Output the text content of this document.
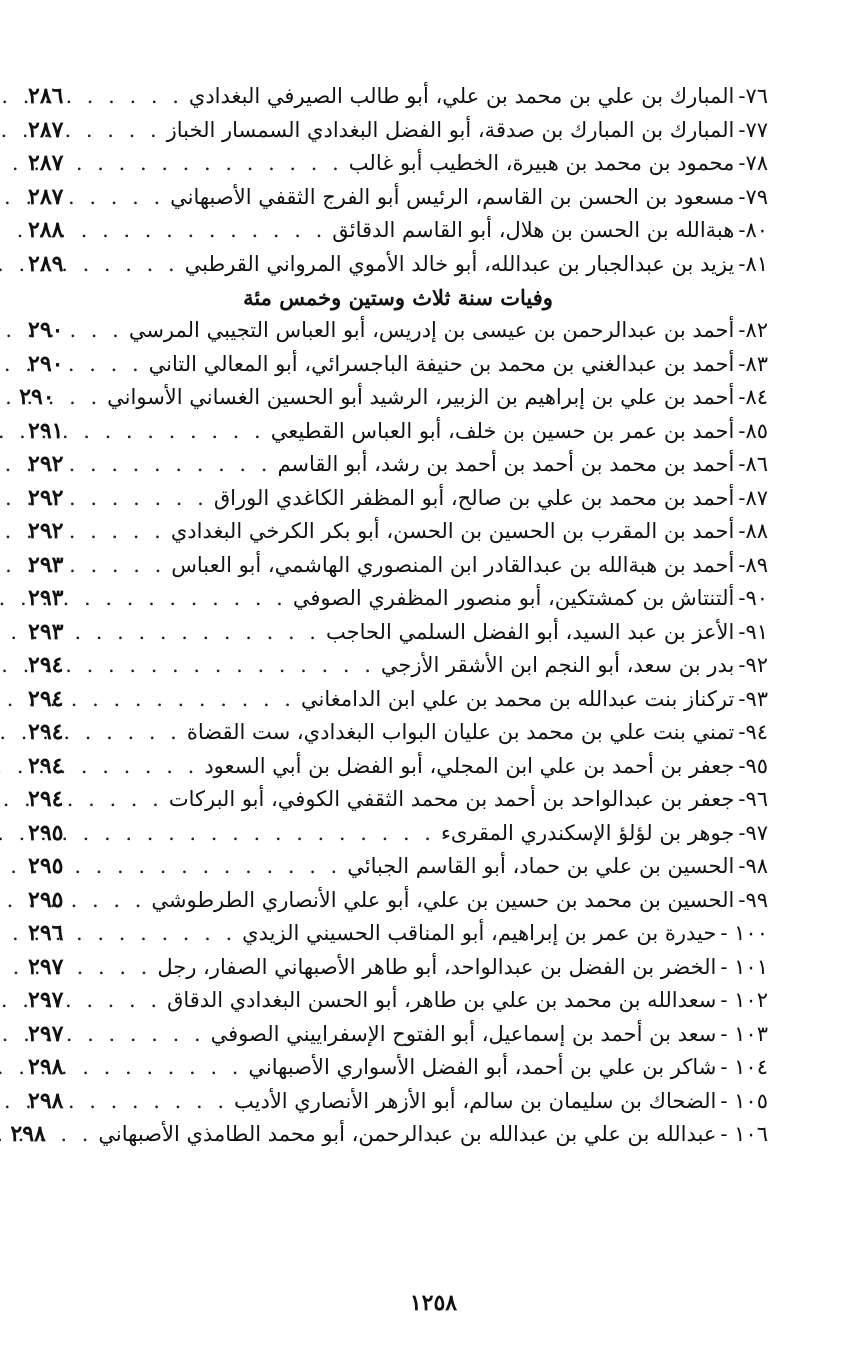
٧٦-
المبارك بن علي بن محمد بن علي، أبو طالب الصيرفي البغدادي
. . .
٢٨٦
٧٧-
المبارك بن المبارك بن صدقة، أبو الفضل البغدادي السمسار الخباز
. . .
٢٨٧
٧٨-
محمود بن محمد بن هبيرة، الخطيب أبو غالب
. . .
٢٨٧
٧٩-
مسعود بن الحسن بن القاسم، الرئيس أبو الفرج الثقفي الأصبهاني
. . .
٢٨٧
٨٠-
هبةالله بن الحسن بن هلال، أبو القاسم الدقائق
. . .
٢٨٨
٨١-
يزيد بن عبدالجبار بن عبدالله، أبو خالد الأموي المرواني القرطبي
. . .
٢٨٩
وفيات سنة ثلاث وستين وخمس مئة
٨٢-
أحمد بن عبدالرحمن بن عيسى بن إدريس، أبو العباس التجيبي المرسي
. . .
٢٩٠
٨٣-
أحمد بن عبدالغني بن محمد بن حنيفة الباجسرائي، أبو المعالي التاني
. . .
٢٩٠
٨٤-
أحمد بن علي بن إبراهيم بن الزبير، الرشيد أبو الحسين الغساني الأسواني
. . .
٢٩٠
٨٥-
أحمد بن عمر بن حسين بن خلف، أبو العباس القطيعي
. . .
٢٩١
٨٦-
أحمد بن محمد بن أحمد بن أحمد بن رشد، أبو القاسم
. . .
٢٩٢
٨٧-
أحمد بن محمد بن علي بن صالح، أبو المظفر الكاغدي الوراق
. . .
٢٩٢
٨٨-
أحمد بن المقرب بن الحسين بن الحسن، أبو بكر الكرخي البغدادي
. . .
٢٩٢
٨٩-
أحمد بن هبةالله بن عبدالقادر ابن المنصوري الهاشمي، أبو العباس
. . .
٢٩٣
٩٠-
ألتنتاش بن كمشتكين، أبو منصور المظفري الصوفي
. . .
٢٩٣
٩١-
الأعز بن عبد السيد، أبو الفضل السلمي الحاجب
. . .
٢٩٣
٩٢-
بدر بن سعد، أبو النجم ابن الأشقر الأزجي
. . .
٢٩٤
٩٣-
تركناز بنت عبدالله بن محمد بن علي ابن الدامغاني
. . .
٢٩٤
٩٤-
تمني بنت علي بن محمد بن عليان البواب البغدادي، ست القضاة
. . .
٢٩٤
٩٥-
جعفر بن أحمد بن علي ابن المجلي، أبو الفضل بن أبي السعود
. . .
٢٩٤
٩٦-
جعفر بن عبدالواحد بن أحمد بن محمد الثقفي الكوفي، أبو البركات
. . .
٢٩٤
٩٧-
جوهر بن لؤلؤ الإسكندري المقرىء
. . .
٢٩٥
٩٨-
الحسين بن علي بن حماد، أبو القاسم الجبائي
. . .
٢٩٥
٩٩-
الحسين بن محمد بن حسين بن علي، أبو علي الأنصاري الطرطوشي
. . .
٢٩٥
١٠٠ -
حيدرة بن عمر بن إبراهيم، أبو المناقب الحسيني الزيدي
. . .
٢٩٦
١٠١ -
الخضر بن الفضل بن عبدالواحد، أبو طاهر الأصبهاني الصفار، رجل
. . .
٢٩٧
١٠٢ -
سعدالله بن محمد بن علي بن طاهر، أبو الحسن البغدادي الدقاق
. . .
٢٩٧
١٠٣ -
سعد بن أحمد بن إسماعيل، أبو الفتوح الإسفراييني الصوفي
. . .
٢٩٧
١٠٤ -
شاكر بن علي بن أحمد، أبو الفضل الأسواري الأصبهاني
. . .
٢٩٨
١٠٥ -
الضحاك بن سليمان بن سالم، أبو الأزهر الأنصاري الأديب
. . .
٢٩٨
١٠٦ -
عبدالله بن علي بن عبدالله بن عبدالرحمن، أبو محمد الطامذي الأصبهاني
. . .
٢٩٨
١٢٥٨
